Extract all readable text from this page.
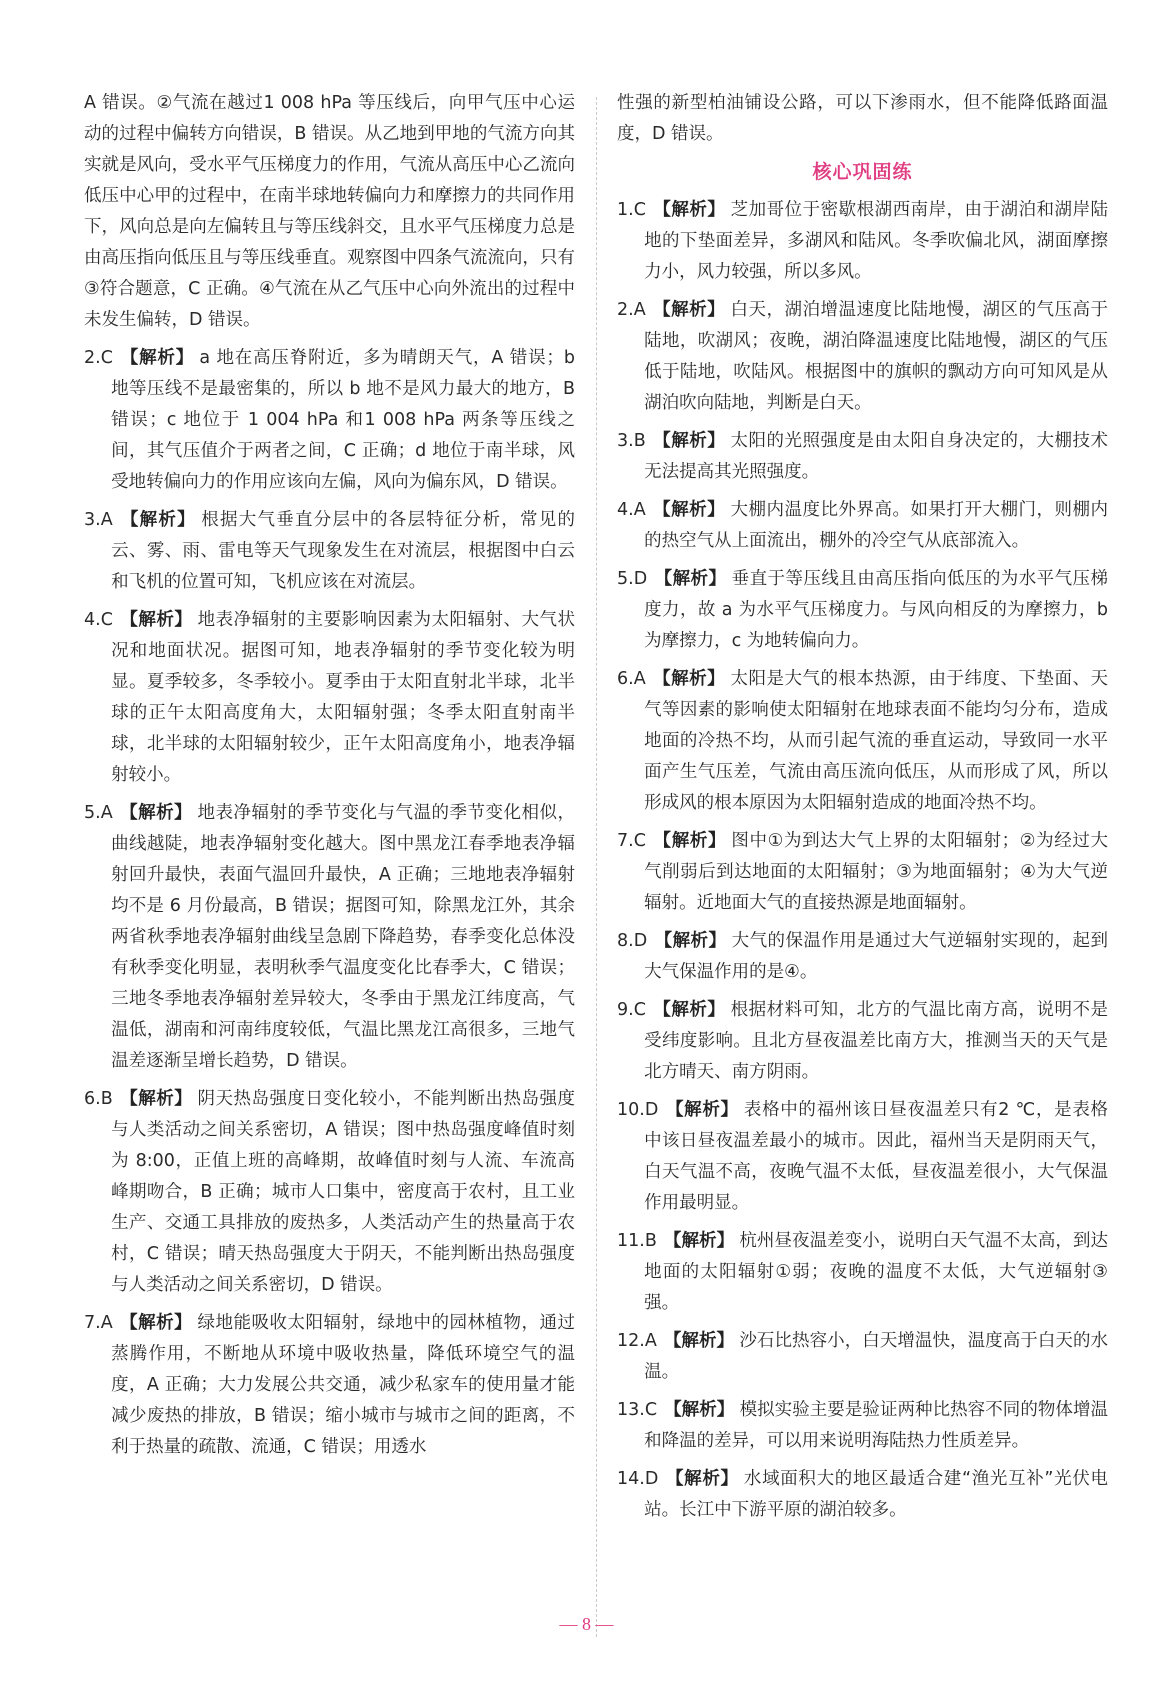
A 错误。②气流在越过1 008 hPa 等压线后，向甲气压中心运动的过程中偏转方向错误，B 错误。从乙地到甲地的气流方向其实就是风向，受水平气压梯度力的作用，气流从高压中心乙流向低压中心甲的过程中，在南半球地转偏向力和摩擦力的共同作用下，风向总是向左偏转且与等压线斜交，且水平气压梯度力总是由高压指向低压且与等压线垂直。观察图中四条气流流向，只有③符合题意，C 正确。④气流在从乙气压中心向外流出的过程中未发生偏转，D 错误。

2.C 【解析】 a 地在高压脊附近，多为晴朗天气，A 错误；b 地等压线不是最密集的，所以 b 地不是风力最大的地方，B 错误；c 地位于 1 004 hPa 和1 008 hPa 两条等压线之间，其气压值介于两者之间，C 正确；d 地位于南半球，风受地转偏向力的作用应该向左偏，风向为偏东风，D 错误。

3.A 【解析】 根据大气垂直分层中的各层特征分析，常见的云、雾、雨、雷电等天气现象发生在对流层，根据图中白云和飞机的位置可知，飞机应该在对流层。

4.C 【解析】 地表净辐射的主要影响因素为太阳辐射、大气状况和地面状况。据图可知，地表净辐射的季节变化较为明显。夏季较多，冬季较小。夏季由于太阳直射北半球，北半球的正午太阳高度角大，太阳辐射强；冬季太阳直射南半球，北半球的太阳辐射较少，正午太阳高度角小，地表净辐射较小。

5.A 【解析】 地表净辐射的季节变化与气温的季节变化相似，曲线越陡，地表净辐射变化越大。图中黑龙江春季地表净辐射回升最快，表面气温回升最快，A 正确；三地地表净辐射均不是 6 月份最高，B 错误；据图可知，除黑龙江外，其余两省秋季地表净辐射曲线呈急剧下降趋势，春季变化总体没有秋季变化明显，表明秋季气温度变化比春季大，C 错误；三地冬季地表净辐射差异较大，冬季由于黑龙江纬度高，气温低，湖南和河南纬度较低，气温比黑龙江高很多，三地气温差逐渐呈增长趋势，D 错误。

6.B 【解析】 阴天热岛强度日变化较小，不能判断出热岛强度与人类活动之间关系密切，A 错误；图中热岛强度峰值时刻为 8:00，正值上班的高峰期，故峰值时刻与人流、车流高峰期吻合，B 正确；城市人口集中，密度高于农村，且工业生产、交通工具排放的废热多，人类活动产生的热量高于农村，C 错误；晴天热岛强度大于阴天，不能判断出热岛强度与人类活动之间关系密切，D 错误。

7.A 【解析】 绿地能吸收太阳辐射，绿地中的园林植物，通过蒸腾作用，不断地从环境中吸收热量，降低环境空气的温度，A 正确；大力发展公共交通，减少私家车的使用量才能减少废热的排放，B 错误；缩小城市与城市之间的距离，不利于热量的疏散、流通，C 错误；用透水

性强的新型柏油铺设公路，可以下渗雨水，但不能降低路面温度，D 错误。

核心巩固练

1.C 【解析】 芝加哥位于密歇根湖西南岸，由于湖泊和湖岸陆地的下垫面差异，多湖风和陆风。冬季吹偏北风，湖面摩擦力小，风力较强，所以多风。

2.A 【解析】 白天，湖泊增温速度比陆地慢，湖区的气压高于陆地，吹湖风；夜晚，湖泊降温速度比陆地慢，湖区的气压低于陆地，吹陆风。根据图中的旗帜的飘动方向可知风是从湖泊吹向陆地，判断是白天。

3.B 【解析】 太阳的光照强度是由太阳自身决定的，大棚技术无法提高其光照强度。

4.A 【解析】 大棚内温度比外界高。如果打开大棚门，则棚内的热空气从上面流出，棚外的冷空气从底部流入。

5.D 【解析】 垂直于等压线且由高压指向低压的为水平气压梯度力，故 a 为水平气压梯度力。与风向相反的为摩擦力，b 为摩擦力，c 为地转偏向力。

6.A 【解析】 太阳是大气的根本热源，由于纬度、下垫面、天气等因素的影响使太阳辐射在地球表面不能均匀分布，造成地面的冷热不均，从而引起气流的垂直运动，导致同一水平面产生气压差，气流由高压流向低压，从而形成了风，所以形成风的根本原因为太阳辐射造成的地面冷热不均。

7.C 【解析】 图中①为到达大气上界的太阳辐射；②为经过大气削弱后到达地面的太阳辐射；③为地面辐射；④为大气逆辐射。近地面大气的直接热源是地面辐射。

8.D 【解析】 大气的保温作用是通过大气逆辐射实现的，起到大气保温作用的是④。

9.C 【解析】 根据材料可知，北方的气温比南方高，说明不是受纬度影响。且北方昼夜温差比南方大，推测当天的天气是北方晴天、南方阴雨。

10.D 【解析】 表格中的福州该日昼夜温差只有2 ℃，是表格中该日昼夜温差最小的城市。因此，福州当天是阴雨天气，白天气温不高，夜晚气温不太低，昼夜温差很小，大气保温作用最明显。

11.B 【解析】 杭州昼夜温差变小，说明白天气温不太高，到达地面的太阳辐射①弱；夜晚的温度不太低，大气逆辐射③强。

12.A 【解析】 沙石比热容小，白天增温快，温度高于白天的水温。

13.C 【解析】 模拟实验主要是验证两种比热容不同的物体增温和降温的差异，可以用来说明海陆热力性质差异。

14.D 【解析】 水域面积大的地区最适合建“渔光互补”光伏电站。长江中下游平原的湖泊较多。

— 8 —
